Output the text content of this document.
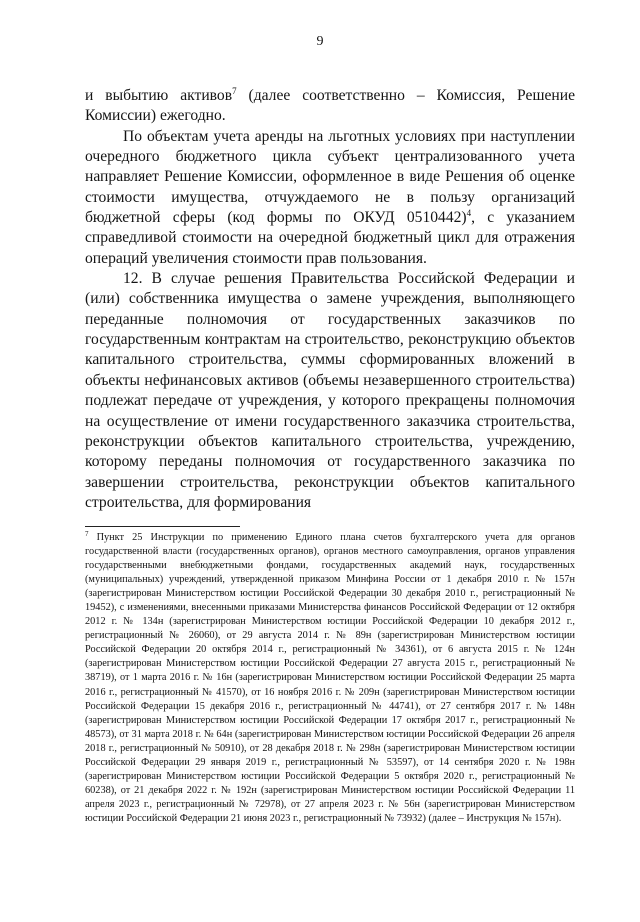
9

и выбытию активов$^7$ (далее соответственно – Комиссия, Решение Комиссии) ежегодно.

По объектам учета аренды на льготных условиях при наступлении очередного бюджетного цикла субъект централизованного учета направляет Решение Комиссии, оформленное в виде Решения об оценке стоимости имущества, отчуждаемого не в пользу организаций бюджетной сферы (код формы по ОКУД 0510442)$^4$, с указанием справедливой стоимости на очередной бюджетный цикл для отражения операций увеличения стоимости прав пользования.

12. В случае решения Правительства Российской Федерации и (или) собственника имущества о замене учреждения, выполняющего переданные полномочия от государственных заказчиков по государственным контрактам на строительство, реконструкцию объектов капитального строительства, суммы сформированных вложений в объекты нефинансовых активов (объемы незавершенного строительства) подлежат передаче от учреждения, у которого прекращены полномочия на осуществление от имени государственного заказчика строительства, реконструкции объектов капитального строительства, учреждению, которому переданы полномочия от государственного заказчика по завершении строительства, реконструкции объектов капитального строительства, для формирования

$^7$ Пункт 25 Инструкции по применению Единого плана счетов бухгалтерского учета для органов государственной власти (государственных органов), органов местного самоуправления, органов управления государственными внебюджетными фондами, государственных академий наук, государственных (муниципальных) учреждений, утвержденной приказом Минфина России от 1 декабря 2010 г. № 157н (зарегистрирован Министерством юстиции Российской Федерации 30 декабря 2010 г., регистрационный № 19452), с изменениями, внесенными приказами Министерства финансов Российской Федерации от 12 октября 2012 г. № 134н (зарегистрирован Министерством юстиции Российской Федерации 10 декабря 2012 г., регистрационный № 26060), от 29 августа 2014 г. № 89н (зарегистрирован Министерством юстиции Российской Федерации 20 октября 2014 г., регистрационный № 34361), от 6 августа 2015 г. № 124н (зарегистрирован Министерством юстиции Российской Федерации 27 августа 2015 г., регистрационный № 38719), от 1 марта 2016 г. № 16н (зарегистрирован Министерством юстиции Российской Федерации 25 марта 2016 г., регистрационный № 41570), от 16 ноября 2016 г. № 209н (зарегистрирован Министерством юстиции Российской Федерации 15 декабря 2016 г., регистрационный № 44741), от 27 сентября 2017 г. № 148н (зарегистрирован Министерством юстиции Российской Федерации 17 октября 2017 г., регистрационный № 48573), от 31 марта 2018 г. № 64н (зарегистрирован Министерством юстиции Российской Федерации 26 апреля 2018 г., регистрационный № 50910), от 28 декабря 2018 г. № 298н (зарегистрирован Министерством юстиции Российской Федерации 29 января 2019 г., регистрационный № 53597), от 14 сентября 2020 г. № 198н (зарегистрирован Министерством юстиции Российской Федерации 5 октября 2020 г., регистрационный № 60238), от 21 декабря 2022 г. № 192н (зарегистрирован Министерством юстиции Российской Федерации 11 апреля 2023 г., регистрационный № 72978), от 27 апреля 2023 г. № 56н (зарегистрирован Министерством юстиции Российской Федерации 21 июня 2023 г., регистрационный № 73932) (далее – Инструкция № 157н).
